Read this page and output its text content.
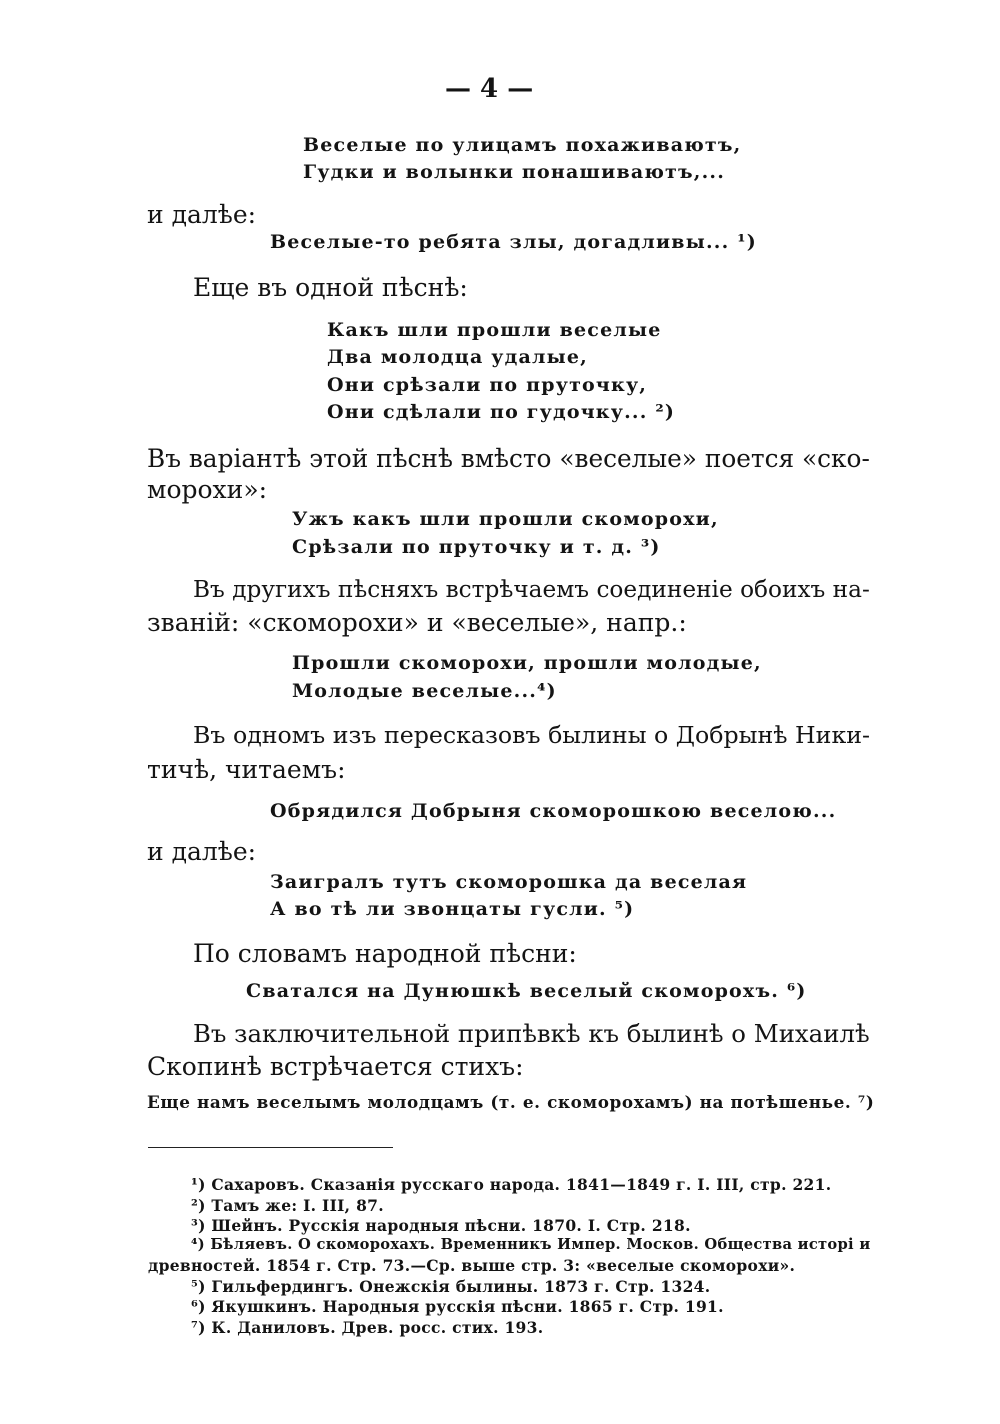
— 4 —
Веселые по улицамъ похаживаютъ,
Гудки и волынки понашиваютъ,...
и далѣе:
Веселые-то ребята злы, догадливы... ¹)
Еще въ одной пѣснѣ:
Какъ шли прошли веселые
Два молодца удалые,
Они срѣзали по пруточку,
Они сдѣлали по гудочку... ²)
Въ варіантѣ этой пѣснѣ вмѣсто «веселые» поется «ско-
морохи»:
Ужъ какъ шли прошли скоморохи,
Срѣзали по пруточку и т. д. ³)
Въ другихъ пѣсняхъ встрѣчаемъ соединеніе обоихъ на-
званій: «скоморохи» и «веселые», напр.:
Прошли скоморохи, прошли молодые,
Молодые веселые...⁴)
Въ одномъ изъ пересказовъ былины о Добрынѣ Ники-
тичѣ, читаемъ:
Обрядился Добрыня скоморошкою веселою...
и далѣе:
Заигралъ тутъ скоморошка да веселая
А во тѣ ли звонцаты гусли. ⁵)
По словамъ народной пѣсни:
Сватался на Дунюшкѣ веселый скоморохъ. ⁶)
Въ заключительной припѣвкѣ къ былинѣ о Михаилѣ
Скопинѣ встрѣчается стихъ:
Еще намъ веселымъ молодцамъ (т. е. скоморохамъ) на потѣшенье. ⁷)
¹) Сахаровъ. Сказанія русскаго народа. 1841—1849 г. I. III, стр. 221.
²) Тамъ же: I. III, 87.
³) Шейнъ. Русскія народныя пѣсни. 1870. I. Стр. 218.
⁴) Бѣляевъ. О скоморохахъ. Временникъ Импер. Москов. Общества исторі и
древностей. 1854 г. Стр. 73.—Ср. выше стр. 3: «веселые скоморохи».
⁵) Гильфердингъ. Онежскія былины. 1873 г. Стр. 1324.
⁶) Якушкинъ. Народныя русскія пѣсни. 1865 г. Стр. 191.
⁷) К. Даниловъ. Древ. росс. стих. 193.
